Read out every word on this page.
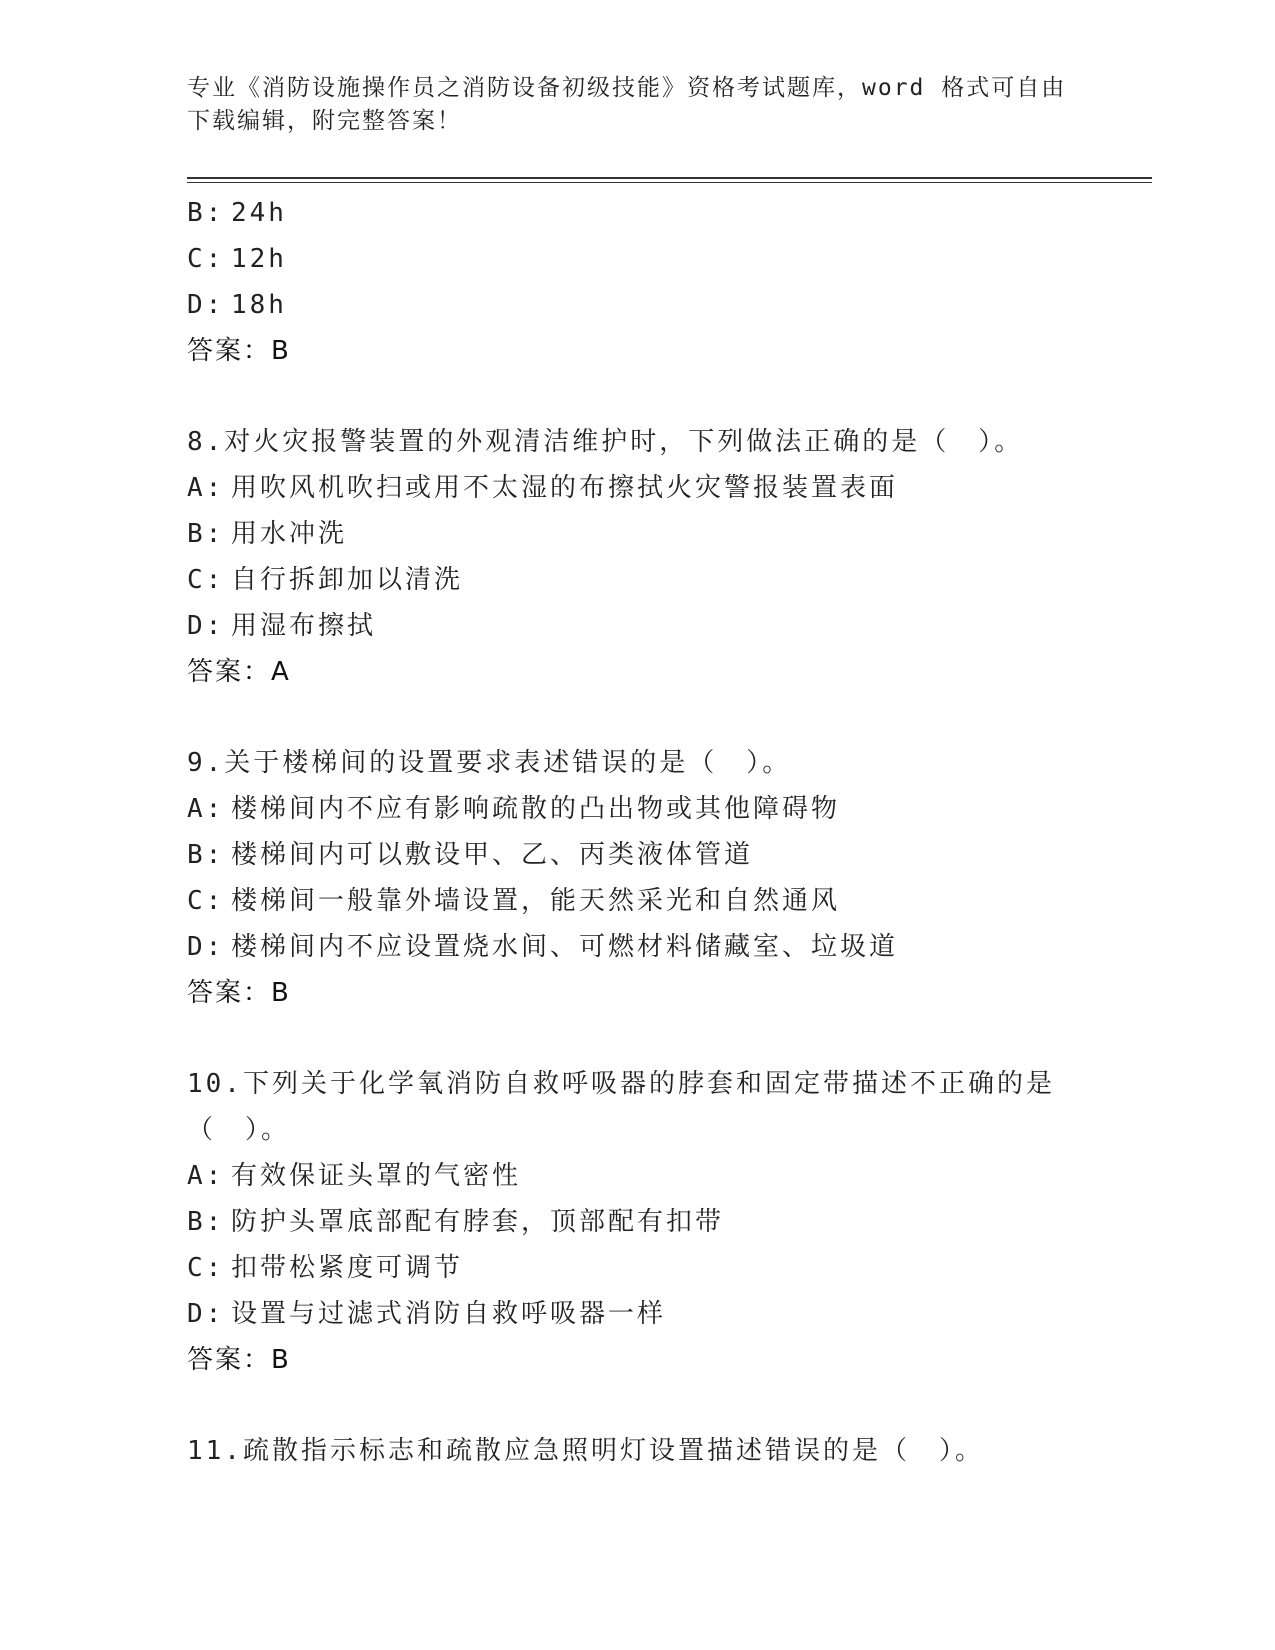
专业《消防设施操作员之消防设备初级技能》资格考试题库，word 格式可自由下载编辑，附完整答案！
B: 24h
C: 12h
D: 18h
答案：B
8.对火灾报警装置的外观清洁维护时，下列做法正确的是（　）。
A: 用吹风机吹扫或用不太湿的布擦拭火灾警报装置表面
B: 用水冲洗
C: 自行拆卸加以清洗
D: 用湿布擦拭
答案：A
9.关于楼梯间的设置要求表述错误的是（　）。
A: 楼梯间内不应有影响疏散的凸出物或其他障碍物
B: 楼梯间内可以敷设甲、乙、丙类液体管道
C: 楼梯间一般靠外墙设置，能天然采光和自然通风
D: 楼梯间内不应设置烧水间、可燃材料储藏室、垃圾道
答案：B
10.下列关于化学氧消防自救呼吸器的脖套和固定带描述不正确的是（　）。
A: 有效保证头罩的气密性
B: 防护头罩底部配有脖套，顶部配有扣带
C: 扣带松紧度可调节
D: 设置与过滤式消防自救呼吸器一样
答案：B
11.疏散指示标志和疏散应急照明灯设置描述错误的是（　）。
